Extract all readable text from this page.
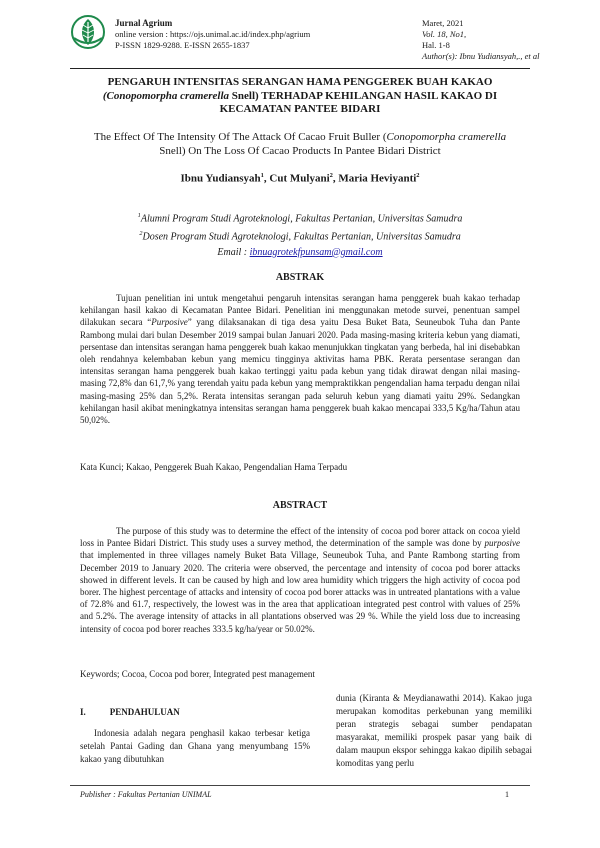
Jurnal Agrium
online version : https://ojs.unimal.ac.id/index.php/agrium
P-ISSN 1829-9288. E-ISSN 2655-1837
Maret, 2021
Vol. 18, No1,
Hal. 1-8
Author(s): Ibnu Yudiansyah,., et al
PENGARUH INTENSITAS SERANGAN HAMA PENGGEREK BUAH KAKAO
(Conopomorpha cramerella Snell) TERHADAP KEHILANGAN HASIL KAKAO DI
KECAMATAN PANTEE BIDARI
The Effect Of The Intensity Of The Attack Of Cacao Fruit Buller (Conopomorpha cramerella
Snell) On The Loss Of Cacao Products In Pantee Bidari District
Ibnu Yudiansyah$^1$, Cut Mulyani$^2$, Maria Heviyanti$^2$
$^1$Alumni Program Studi Agroteknologi, Fakultas Pertanian, Universitas Samudra
$^2$Dosen Program Studi Agroteknologi, Fakultas Pertanian, Universitas Samudra
Email : ibnuagrotekfpunsam@gmail.com
ABSTRAK

Tujuan penelitian ini untuk mengetahui pengaruh intensitas serangan hama penggerek buah kakao terhadap kehilangan hasil kakao di Kecamatan Pantee Bidari. Penelitian ini menggunakan metode survei, penentuan sampel dilakukan secara “Purposive” yang dilaksanakan di tiga desa yaitu Desa Buket Bata, Seuneubok Tuha dan Pante Rambong mulai dari bulan Desember 2019 sampai bulan Januari 2020. Pada masing-masing kriteria kebun yang diamati, persentase dan intensitas serangan hama penggerek buah kakao menunjukkan tingkatan yang berbeda, hal ini disebabkan oleh rendahnya kelembaban kebun yang memicu tingginya aktivitas hama PBK. Rerata persentase serangan dan intensitas serangan hama penggerek buah kakao tertinggi yaitu pada kebun yang tidak dirawat dengan nilai masing-masing 72,8% dan 61,7,% yang terendah yaitu pada kebun yang mempraktikkan pengendalian hama terpadu dengan nilai masing-masing 25% dan 5,2%. Rerata intensitas serangan pada seluruh kebun yang diamati yaitu 29%. Sedangkan kehilangan hasil akibat meningkatnya intensitas serangan hama penggerek buah kakao mencapai 333,5 Kg/ha/Tahun atau 50,02%.

Kata Kunci; Kakao, Penggerek Buah Kakao, Pengendalian Hama Terpadu
ABSTRACT

The purpose of this study was to determine the effect of the intensity of cocoa pod borer attack on cocoa yield loss in Pantee Bidari District. This study uses a survey method, the determination of the sample was done by purposive that implemented in three villages namely Buket Bata Village, Seuneubok Tuha, and Pante Rambong starting from December 2019 to January 2020. The criteria were observed, the percentage and intensity of cocoa pod borer attacks showed in different levels. It can be caused by high and low area humidity which triggers the high activity of cocoa pod borer. The highest percentage of attacks and intensity of cocoa pod borer attacks was in untreated plantations with a value of 72.8% and 61.7, respectively, the lowest was in the area that applicatioan integrated pest control with values of 25% and 5.2%. The average intensity of attacks in all plantations observed was 29 %. While the yield loss due to increasing intensity of cocoa pod borer reaches 333.5 kg/ha/year or 50.02%.

Keywords; Cocoa, Cocoa pod borer, Integrated pest management
I.	PENDAHULUAN

Indonesia adalah negara penghasil kakao terbesar ketiga setelah Pantai Gading dan Ghana yang menyumbang 15% kakao yang dibutuhkan

dunia (Kiranta & Meydianawathi 2014). Kakao juga merupakan komoditas perkebunan yang memiliki peran strategis sebagai sumber pendapatan masyarakat, memiliki prospek pasar yang baik di dalam maupun ekspor sehingga kakao dipilih sebagai komoditas yang perlu

Publisher : Fakultas Pertanian UNIMAL	1
